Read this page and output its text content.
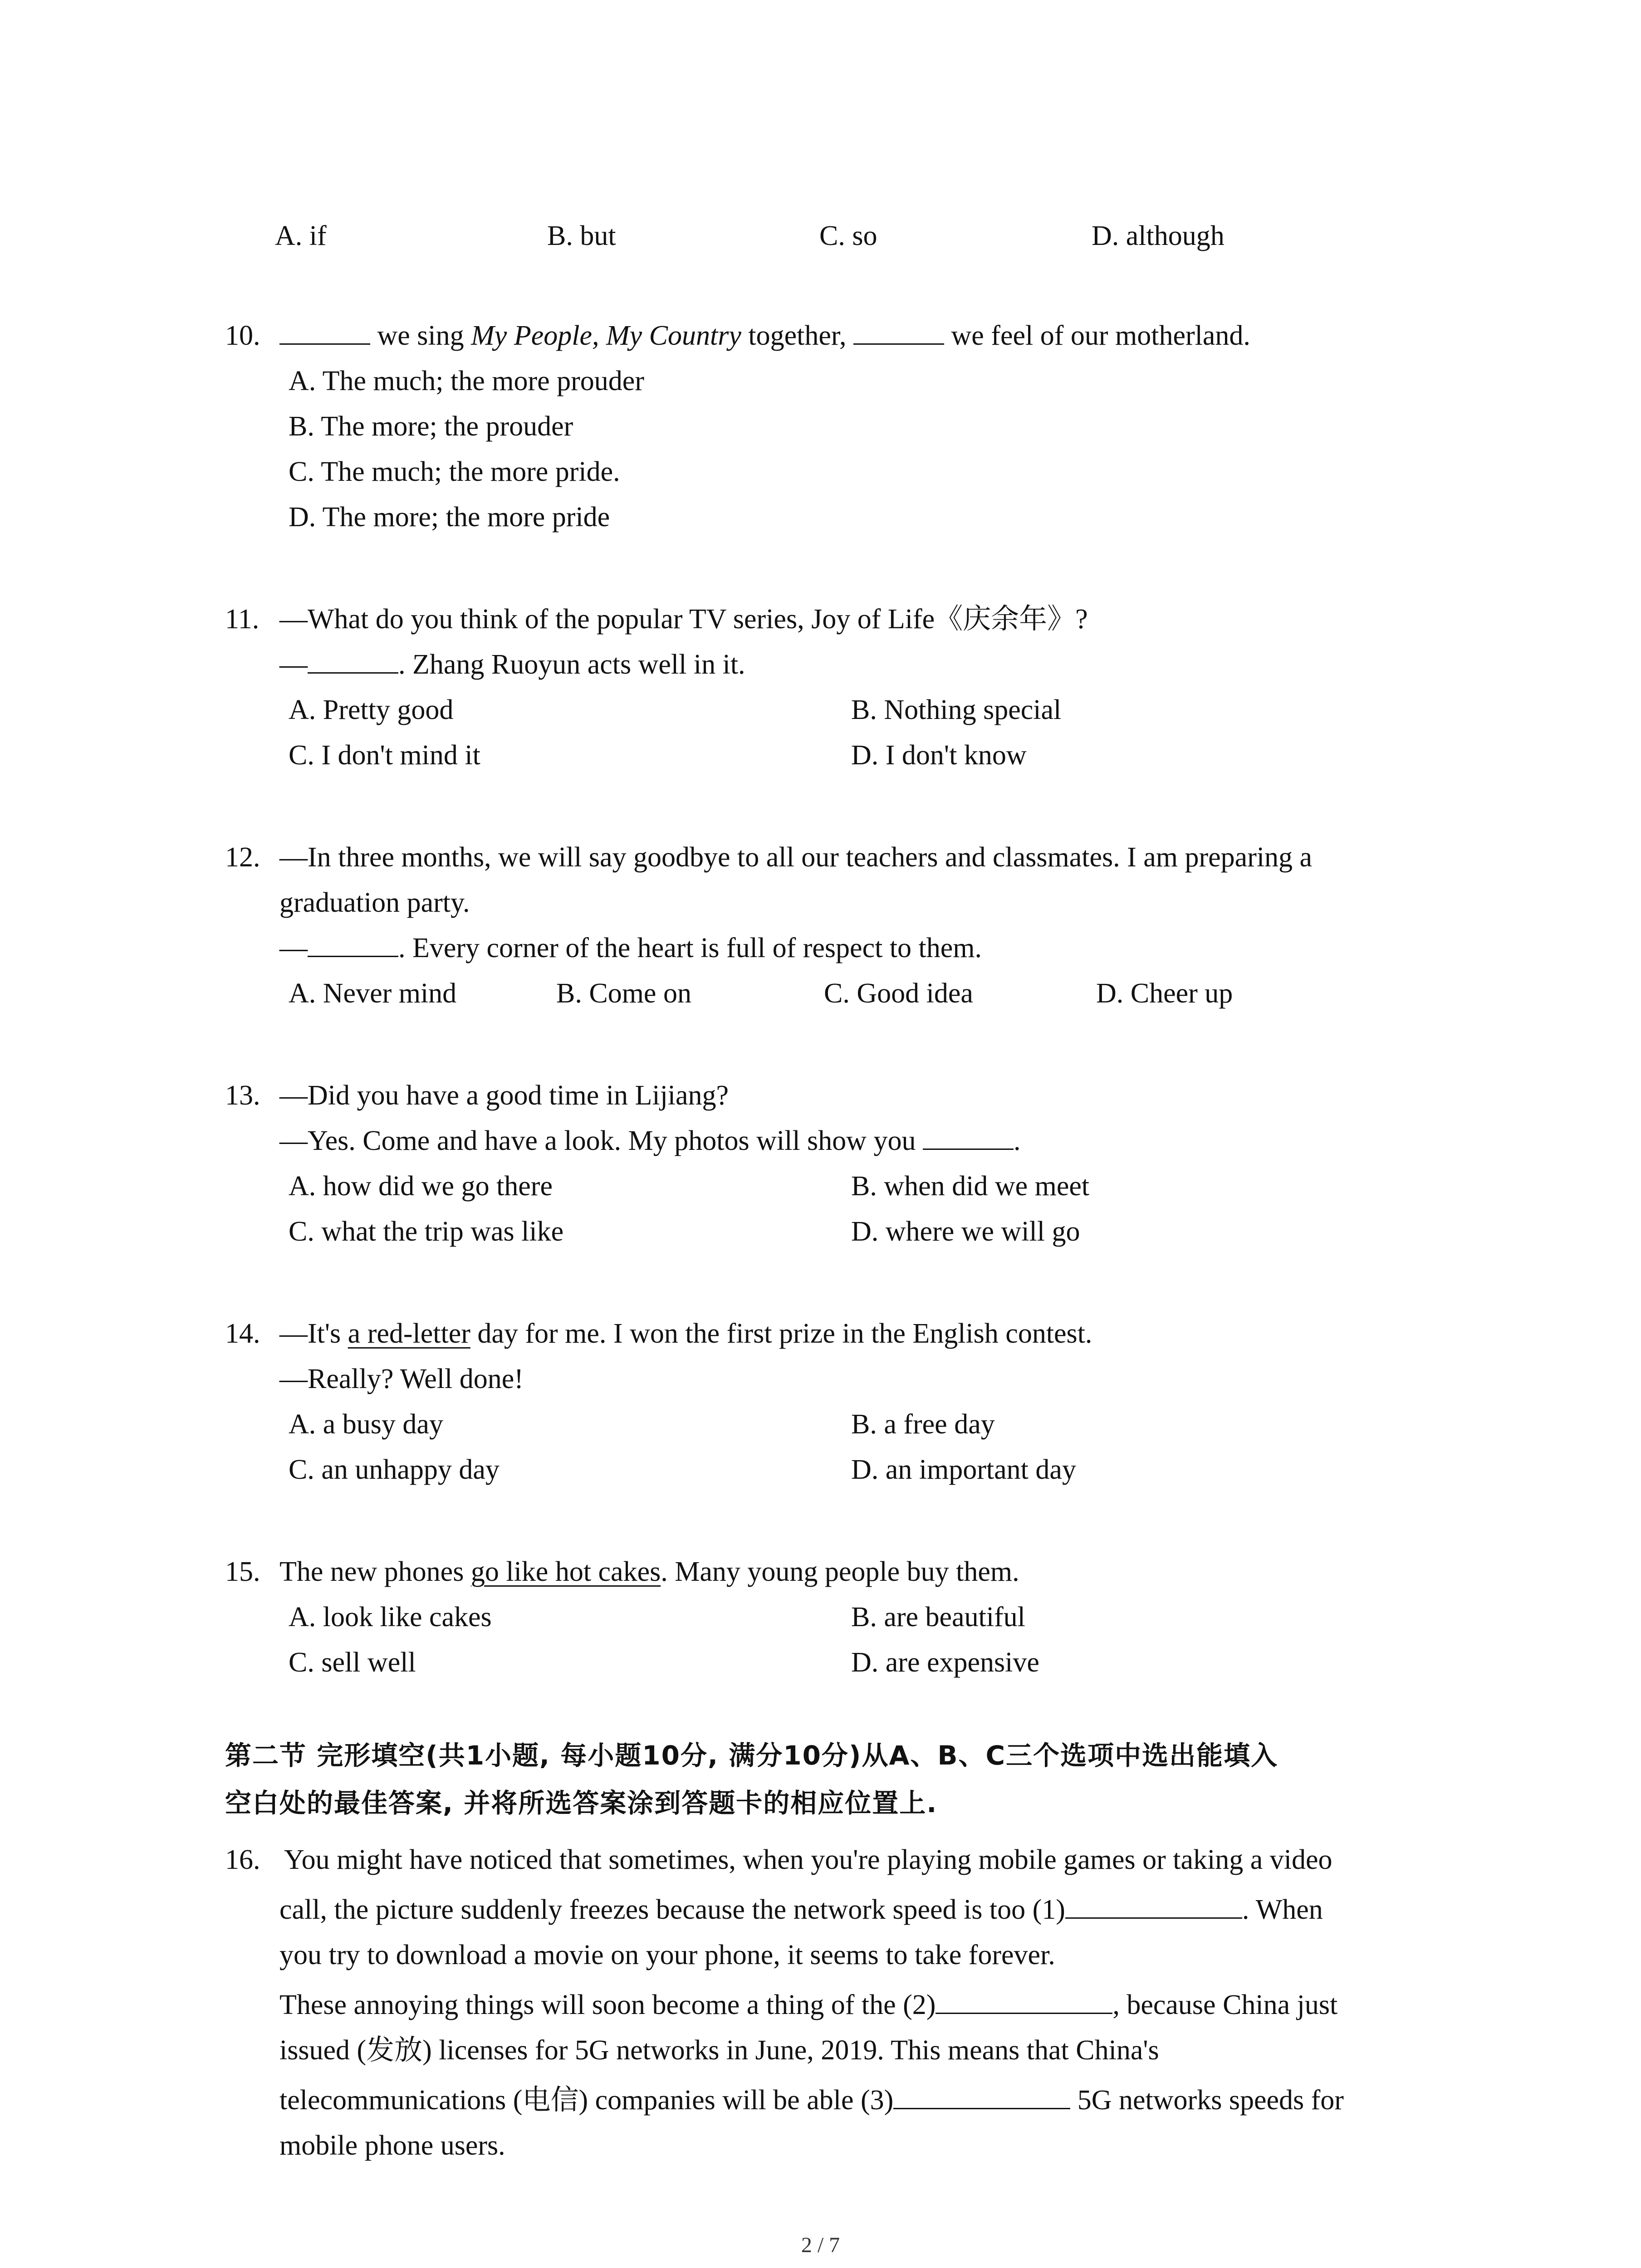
A. if	B. but	C. so	D. although
10.	we sing My People, My Country together,	we feel of our motherland.
A. The much; the more prouder
B. The more; the prouder
C. The much; the more pride.
D. The more; the more pride
11. —What do you think of the popular TV series, Joy of Life《庆余年》?
—	. Zhang Ruoyun acts well in it.
A. Pretty good	B. Nothing special
C. I don't mind it	D. I don't know
12. —In three months, we will say goodbye to all our teachers and classmates. I am preparing a
graduation party.
—	. Every corner of the heart is full of respect to them.
A. Never mind	B. Come on	C. Good idea	D. Cheer up
13. —Did you have a good time in Lijiang?
—Yes. Come and have a look. My photos will show you	.
A. how did we go there	B. when did we meet
C. what the trip was like	D. where we will go
14. —It's a red-letter day for me. I won the first prize in the English contest.
—Really? Well done!
A. a busy day	B. a free day
C. an unhappy day	D. an important day
15. The new phones go like hot cakes. Many young people buy them.
A. look like cakes	B. are beautiful
C. sell well	D. are expensive
第二节 完形填空(共1小题, 每小题10分, 满分10分)从A、B、C三个选项中选出能填入
空白处的最佳答案, 并将所选答案涂到答题卡的相应位置上.
16. You might have noticed that sometimes, when you're playing mobile games or taking a video
call, the picture suddenly freezes because the network speed is too (1)	. When
you try to download a movie on your phone, it seems to take forever.
These annoying things will soon become a thing of the (2)	, because China just
issued (发放) licenses for 5G networks in June, 2019. This means that China's
telecommunications (电信) companies will be able (3)	5G networks speeds for
mobile phone users.
2 / 7
